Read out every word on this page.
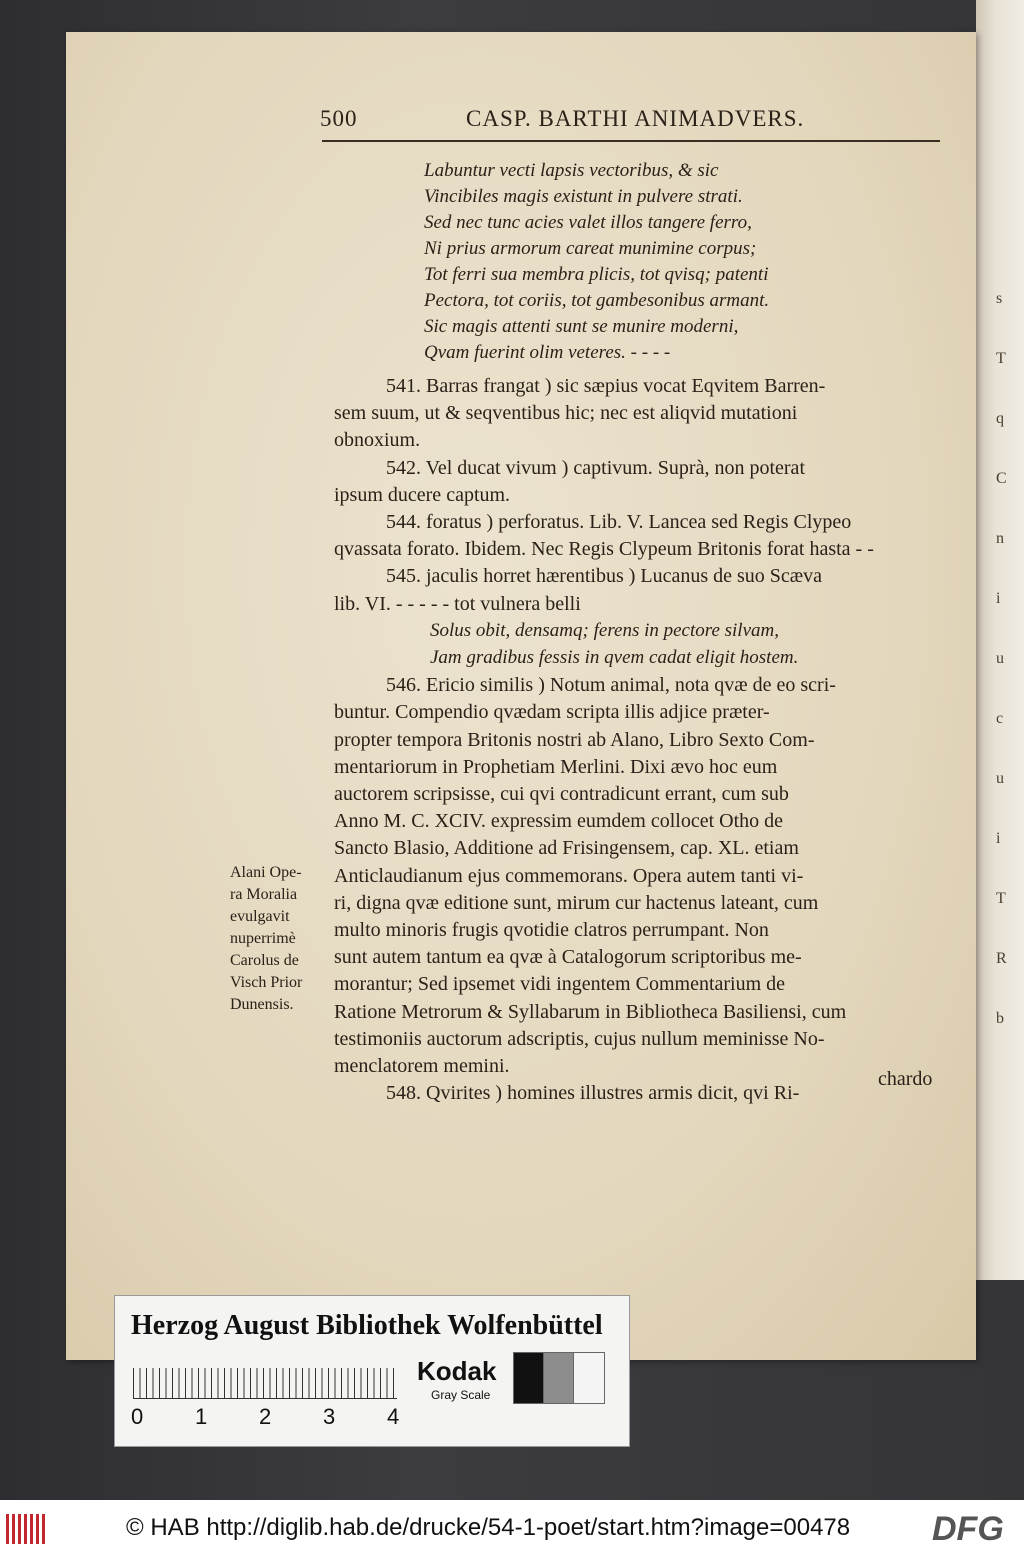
s
T
q
C
n
i
u
c
u
i
T
R
b
500	CASP. BARTHI ANIMADVERS.
Labuntur vecti lapsis vectoribus, & sic
Vincibiles magis existunt in pulvere strati.
Sed nec tunc acies valet illos tangere ferro,
Ni prius armorum careat munimine corpus;
Tot ferri sua membra plicis, tot qvisq; patenti
Pectora, tot coriis, tot gambesonibus armant.
Sic magis attenti sunt se munire moderni,
Qvam fuerint olim veteres. - - - -
541. Barras frangat ) sic sæpius vocat Eqvitem Barren-
sem suum, ut & seqventibus hic; nec est aliqvid mutationi
obnoxium.
542. Vel ducat vivum ) captivum. Suprà, non poterat
ipsum ducere captum.
544. foratus ) perforatus. Lib. V. Lancea sed Regis Clypeo
qvassata forato. Ibidem. Nec Regis Clypeum Britonis forat hasta - -
545. jaculis horret hærentibus ) Lucanus de suo Scæva
lib. VI. - - - - - tot vulnera belli
Solus obit, densamq; ferens in pectore silvam,
Jam gradibus fessis in qvem cadat eligit hostem.
546. Ericio similis ) Notum animal, nota qvæ de eo scri-
buntur. Compendio qvædam scripta illis adjice præter-
propter tempora Britonis nostri ab Alano, Libro Sexto Com-
mentariorum in Prophetiam Merlini. Dixi ævo hoc eum
auctorem scripsisse, cui qvi contradicunt errant, cum sub
Anno M. C. XCIV. expressim eumdem collocet Otho de
Sancto Blasio, Additione ad Frisingensem, cap. XL. etiam
Anticlaudianum ejus commemorans. Opera autem tanti vi-
ri, digna qvæ editione sunt, mirum cur hactenus lateant, cum
multo minoris frugis qvotidie clatros perrumpant. Non
sunt autem tantum ea qvæ à Catalogorum scriptoribus me-
morantur; Sed ipsemet vidi ingentem Commentarium de
Ratione Metrorum & Syllabarum in Bibliotheca Basiliensi, cum
testimoniis auctorum adscriptis, cujus nullum meminisse No-
menclatorem memini.
548. Qvirites ) homines illustres armis dicit, qvi Ri-
chardo
Alani Ope-
ra Moralia
evulgavit
nuperrimè
Carolus de
Visch Prior
Dunensis.
Herzog August Bibliothek Wolfenbüttel
0 1 2 3 4
Kodak
Gray Scale
© HAB http://diglib.hab.de/drucke/54-1-poet/start.htm?image=00478 DFG
